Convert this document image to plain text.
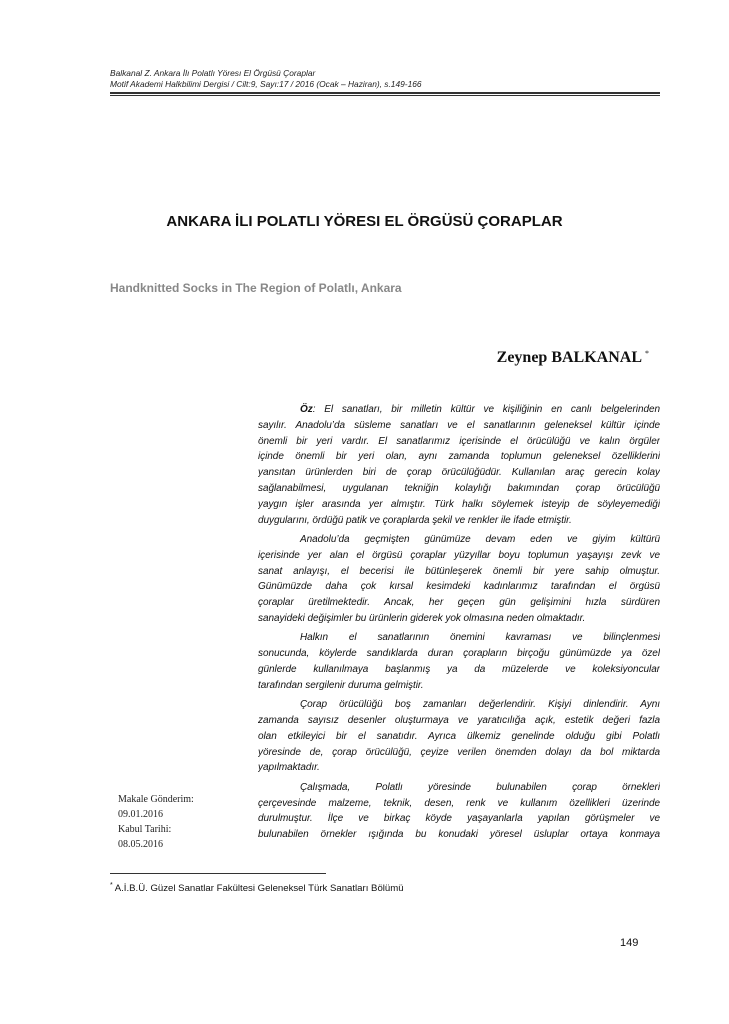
Balkanal Z. Ankara İlı Polatlı Yöresı El Örgüsü Çoraplar
Motif Akademi Halkbilimi Dergisi / Cilt:9, Sayı:17 / 2016 (Ocak – Haziran), s.149-166
ANKARA İLI POLATLI YÖRESI EL ÖRGÜSÜ ÇORAPLAR
Handknitted Socks in The Region of Polatlı, Ankara
Zeynep BALKANAL *
Öz: El sanatları, bir milletin kültür ve kişiliğinin en canlı belgelerinden
sayılır. Anadolu’da süsleme sanatları ve el sanatlarının geleneksel kültür içinde
önemli bir yeri vardır. El sanatlarımız içerisinde el örücülüğü ve kalın örgüler
içinde önemli bir yeri olan, aynı zamanda toplumun geleneksel özelliklerini
yansıtan ürünlerden biri de çorap örücülüğüdür. Kullanılan araç gerecin kolay
sağlanabilmesi, uygulanan tekniğin kolaylığı bakımından çorap örücülüğü
yaygın işler arasında yer almıştır. Türk halkı söylemek isteyip de söyleyemediği
duygularını, ördüğü patik ve çoraplarda şekil ve renkler ile ifade etmiştir.
Anadolu’da geçmişten günümüze devam eden ve giyim kültürü
içerisinde yer alan el örgüsü çoraplar yüzyıllar boyu toplumun yaşayışı zevk ve
sanat anlayışı, el becerisi ile bütünleşerek önemli bir yere sahip olmuştur.
Günümüzde daha çok kırsal kesimdeki kadınlarımız tarafından el örgüsü
çoraplar üretilmektedir. Ancak, her geçen gün gelişimini hızla sürdüren
sanayideki değişimler bu ürünlerin giderek yok olmasına neden olmaktadır.
Halkın el sanatlarının önemini kavraması ve bilinçlenmesi
sonucunda, köylerde sandıklarda duran çorapların birçoğu günümüzde ya özel
günlerde kullanılmaya başlanmış ya da müzelerde ve koleksiyoncular
tarafından sergilenir duruma gelmiştir.
Çorap örücülüğü boş zamanları değerlendirir. Kişiyi dinlendirir. Aynı
zamanda sayısız desenler oluşturmaya ve yaratıcılığa açık, estetik değeri fazla
olan etkileyici bir el sanatıdır. Ayrıca ülkemiz genelinde olduğu gibi Polatlı
yöresinde de, çorap örücülüğü, çeyize verilen önemden dolayı da bol miktarda
yapılmaktadır.
Çalışmada, Polatlı yöresinde bulunabilen çorap örnekleri
çerçevesinde malzeme, teknik, desen, renk ve kullanım özellikleri üzerinde
durulmuştur. İlçe ve birkaç köyde yaşayanlarla yapılan görüşmeler ve
bulunabilen örnekler ışığında bu konudaki yöresel üsluplar ortaya konmaya
Makale Gönderim:
09.01.2016
Kabul Tarihi:
08.05.2016
* A.İ.B.Ü. Güzel Sanatlar Fakültesi Geleneksel Türk Sanatları Bölümü
149
